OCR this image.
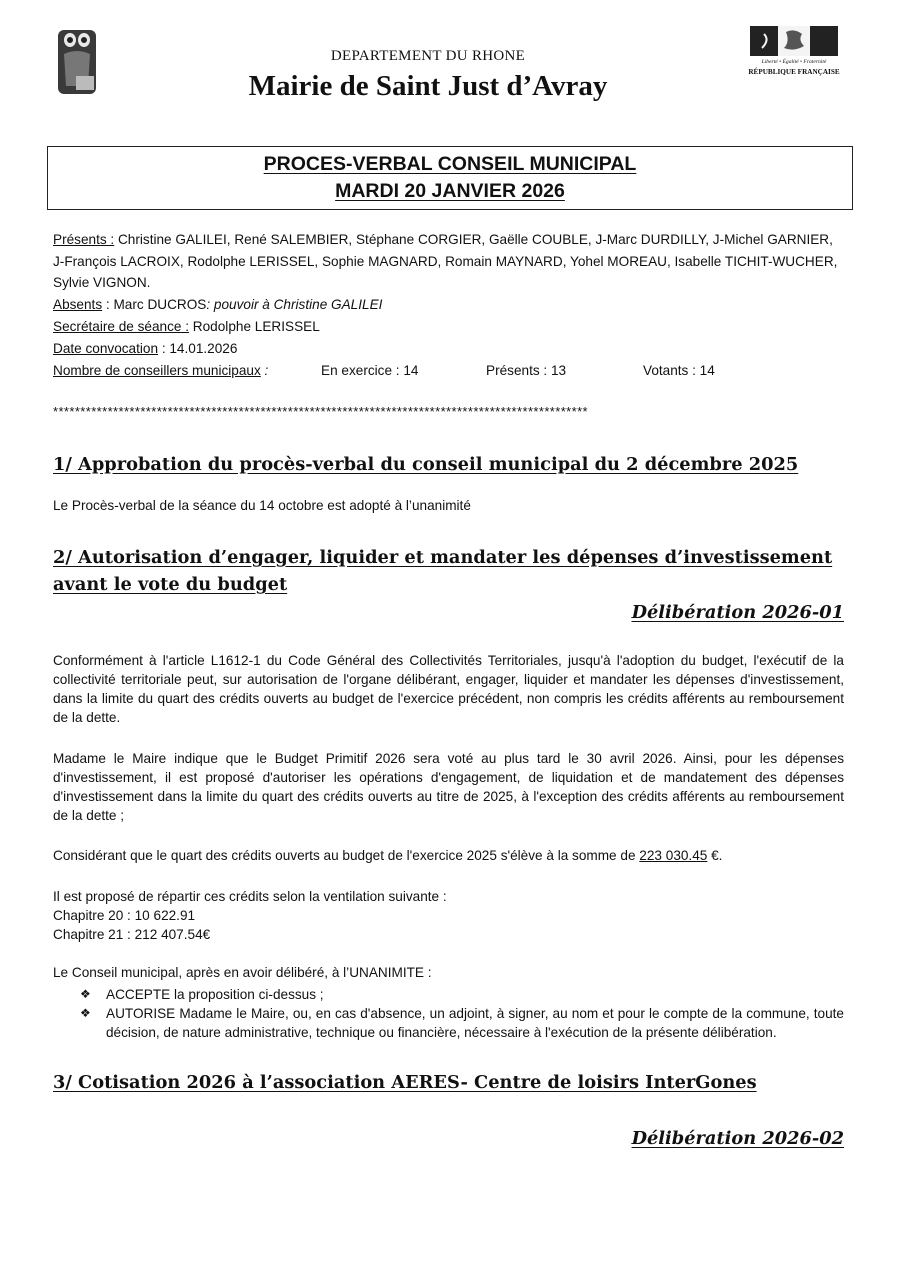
DEPARTEMENT DU RHONE
Mairie de Saint Just d’Avray
Liberté • Égalité • Fraternité
RÉPUBLIQUE FRANÇAISE
PROCES-VERBAL CONSEIL MUNICIPAL
MARDI 20 JANVIER 2026
Présents : Christine GALILEI, René SALEMBIER, Stéphane CORGIER, Gaëlle COUBLE, J-Marc DURDILLY, J-Michel GARNIER,
J-François LACROIX, Rodolphe LERISSEL, Sophie MAGNARD, Romain MAYNARD, Yohel MOREAU, Isabelle TICHIT-WUCHER,
Sylvie VIGNON.
Absents : Marc DUCROS: pouvoir à Christine GALILEI
Secrétaire de séance : Rodolphe LERISSEL
Date convocation : 14.01.2026
Nombre de conseillers municipaux :	En exercice : 14	Présents : 13	Votants : 14
**************************************************************************************************
1/ Approbation du procès-verbal du conseil municipal du 2 décembre 2025
Le Procès-verbal de la séance du 14 octobre est adopté à l’unanimité
2/ Autorisation d’engager, liquider et mandater les dépenses d’investissement
avant le vote du budget
Délibération 2026-01
Conformément à l'article L1612-1 du Code Général des Collectivités Territoriales, jusqu'à l'adoption du budget, l'exécutif de la collectivité territoriale peut, sur autorisation de l'organe délibérant, engager, liquider et mandater les dépenses d'investissement, dans la limite du quart des crédits ouverts au budget de l'exercice précédent, non compris les crédits afférents au remboursement de la dette.
Madame le Maire indique que le Budget Primitif 2026 sera voté au plus tard le 30 avril 2026. Ainsi, pour les dépenses d'investissement, il est proposé d'autoriser les opérations d'engagement, de liquidation et de mandatement des dépenses d'investissement dans la limite du quart des crédits ouverts au titre de 2025, à l'exception des crédits afférents au remboursement de la dette ;
Considérant que le quart des crédits ouverts au budget de l'exercice 2025 s'élève à la somme de 223 030.45 €.
Il est proposé de répartir ces crédits selon la ventilation suivante :
Chapitre 20 : 10 622.91
Chapitre 21 : 212 407.54€
Le Conseil municipal, après en avoir délibéré, à l’UNANIMITE :
❖	ACCEPTE la proposition ci-dessus ;
❖	AUTORISE Madame le Maire, ou, en cas d'absence, un adjoint, à signer, au nom et pour le compte de la commune, toute décision, de nature administrative, technique ou financière, nécessaire à l'exécution de la présente délibération.
3/ Cotisation 2026 à l’association AERES- Centre de loisirs InterGones
Délibération 2026-02
